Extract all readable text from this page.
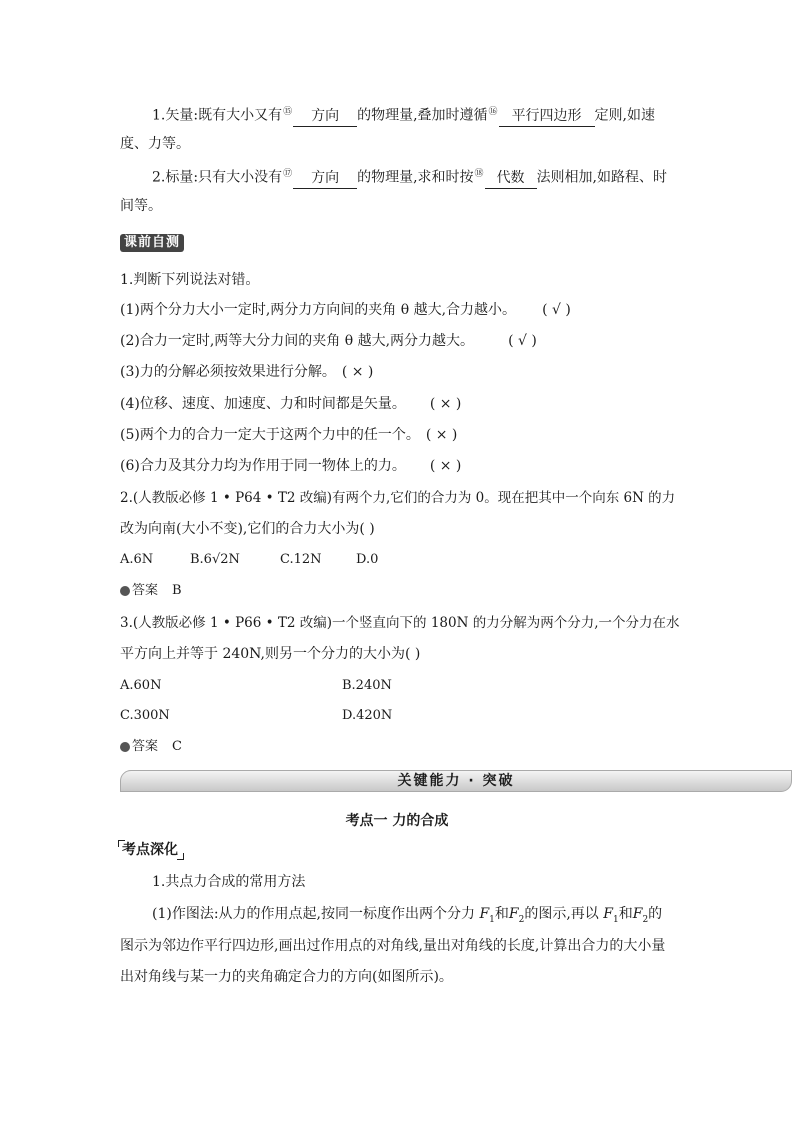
1.矢量:既有大小又有⑮ 方向 的物理量,叠加时遵循⑯ 平行四边形 定则,如速
度、力等。
2.标量:只有大小没有⑰ 方向 的物理量,求和时按⑱ 代数 法则相加,如路程、时
间等。
课前自测
1.判断下列说法对错。
(1)两个分力大小一定时,两分力方向间的夹角 θ 越大,合力越小。 ( √ )
(2)合力一定时,两等大分力间的夹角 θ 越大,两分力越大。 ( √ )
(3)力的分解必须按效果进行分解。 ( × )
(4)位移、速度、加速度、力和时间都是矢量。 ( × )
(5)两个力的合力一定大于这两个力中的任一个。 ( × )
(6)合力及其分力均为作用于同一物体上的力。 ( × )
2.(人教版必修 1 • P64 • T2 改编)有两个力,它们的合力为 0。现在把其中一个向东 6N 的力
改为向南(大小不变),它们的合力大小为( )
A.6N	B.6√2N	C.12N	D.0
答案 B
3.(人教版必修 1 • P66 • T2 改编)一个竖直向下的 180N 的力分解为两个分力,一个分力在水
平方向上并等于 240N,则另一个分力的大小为( )
A.60N	B.240N
C.300N	D.420N
答案 C
关键能力 · 突破
考点一 力的合成
考点深化
1.共点力合成的常用方法
(1)作图法:从力的作用点起,按同一标度作出两个分力 $F_1$和$F_2$的图示,再以 $F_1$和$F_2$的
图示为邻边作平行四边形,画出过作用点的对角线,量出对角线的长度,计算出合力的大小量
出对角线与某一力的夹角确定合力的方向(如图所示)。
